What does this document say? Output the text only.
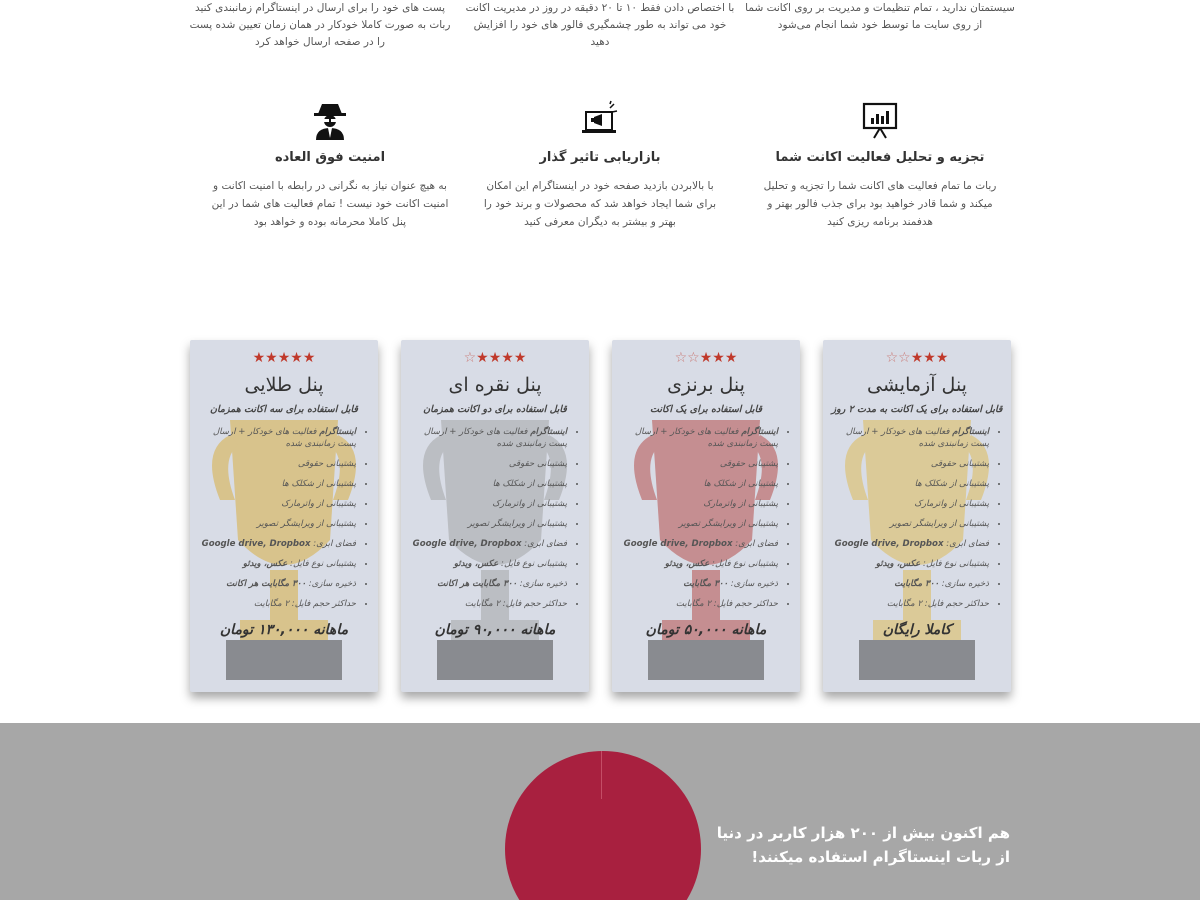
پست های خود را برای ارسال در اینستاگرام زمانبندی کنید ربات به صورت کاملا خودکار در همان زمان تعیین شده پست را در صفحه ارسال خواهد کرد
با اختصاص دادن فقط ۱۰ تا ۲۰ دقیقه در روز در مدیریت اکانت خود می تواند به طور چشمگیری فالور های خود را افزایش دهید
سیستمتان ندارید ، تمام تنظیمات و مدیریت بر روی اکانت شما از روی سایت ما توسط خود شما انجام می‌شود
امنیت فوق العاده
به هیچ عنوان نیاز به نگرانی در رابطه با امنیت اکانت و امنیت اکانت خود نیست ! تمام فعالیت های شما در این پنل کاملا محرمانه بوده و خواهد بود
بازاریابی تاثیر گذار
با بالابردن بازدید صفحه خود در اینستاگرام این امکان برای شما ایجاد خواهد شد که محصولات و برند خود را بهتر و بیشتر به دیگران معرفی کنید
تجزیه و تحلیل فعالیت اکانت شما
ربات ما تمام فعالیت های اکانت شما را تجزیه و تحلیل میکند و شما قادر خواهید بود برای جذب فالور بهتر و هدفمند برنامه ریزی کنید
★★★★★
پنل طلایی
قابل استفاده برای سه اکانت همزمان
• اینستاگرام فعالیت های خودکار + ارسال پست زمانبندی شده
• پشتیبانی حقوقی
• پشتیبانی از شکلک ها
• پشتیبانی از واترمارک
• پشتیبانی از ویرایشگر تصویر
• فضای ابری: Google drive, Dropbox
• پشتیبانی نوع فایل: عکس، ویدئو
• ذخیره سازی: ۳۰۰ مگابایت هر اکانت
• حداکثر حجم فایل: ۲ مگابایت
ماهانه ۱۳۰,۰۰۰ تومان
★★★★☆
پنل نقره ای
قابل استفاده برای دو اکانت همزمان
• اینستاگرام فعالیت های خودکار + ارسال پست زمانبندی شده
• پشتیبانی حقوقی
• پشتیبانی از شکلک ها
• پشتیبانی از واترمارک
• پشتیبانی از ویرایشگر تصویر
• فضای ابری: Google drive, Dropbox
• پشتیبانی نوع فایل: عکس، ویدئو
• ذخیره سازی: ۳۰۰ مگابایت هر اکانت
• حداکثر حجم فایل: ۲ مگابایت
ماهانه ۹۰,۰۰۰ تومان
★★★☆☆
پنل برنزی
قابل استفاده برای یک اکانت
• اینستاگرام فعالیت های خودکار + ارسال پست زمانبندی شده
• پشتیبانی حقوقی
• پشتیبانی از شکلک ها
• پشتیبانی از واترمارک
• پشتیبانی از ویرایشگر تصویر
• فضای ابری: Google drive, Dropbox
• پشتیبانی نوع فایل: عکس، ویدئو
• ذخیره سازی: ۳۰۰ مگابایت
• حداکثر حجم فایل: ۲ مگابایت
ماهانه ۵۰,۰۰۰ تومان
★★★☆☆
پنل آزمایشی
قابل استفاده برای یک اکانت به مدت ۲ روز
• اینستاگرام فعالیت های خودکار + ارسال پست زمانبندی شده
• پشتیبانی حقوقی
• پشتیبانی از شکلک ها
• پشتیبانی از واترمارک
• پشتیبانی از ویرایشگر تصویر
• فضای ابری: Google drive, Dropbox
• پشتیبانی نوع فایل: عکس، ویدئو
• ذخیره سازی: ۳۰۰ مگابایت
• حداکثر حجم فایل: ۲ مگابایت
کاملا رایگان
هم اکنون بیش از ۲۰۰ هزار کاربر در دنیا
از ربات اینستاگرام استفاده میکنند!
